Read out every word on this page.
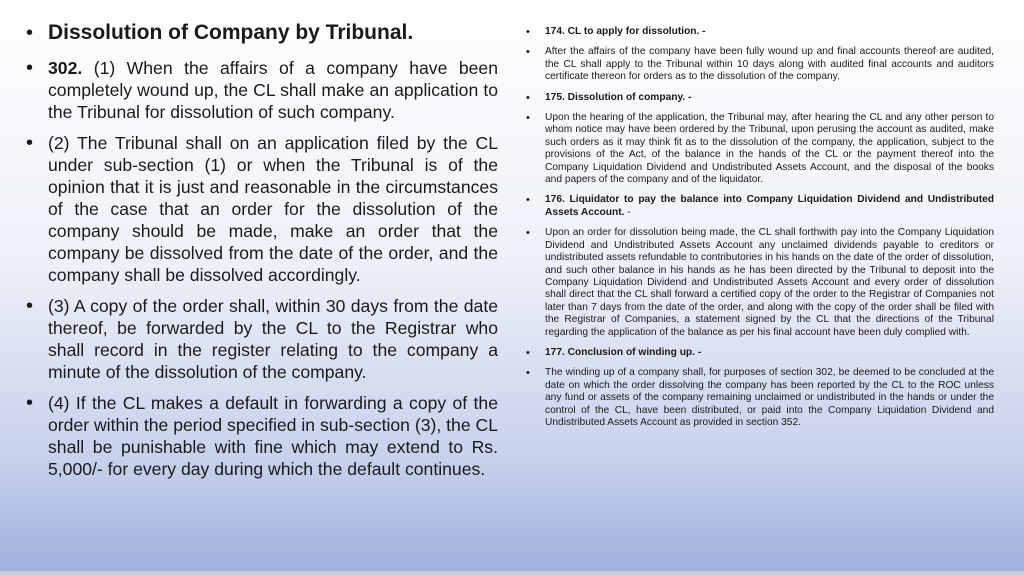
• Dissolution of Company by Tribunal.
• 302. (1) When the affairs of a company have been completely wound up, the CL shall make an application to the Tribunal for dissolution of such company.
• (2) The Tribunal shall on an application filed by the CL under sub-section (1) or when the Tribunal is of the opinion that it is just and reasonable in the circumstances of the case that an order for the dissolution of the company should be made, make an order that the company be dissolved from the date of the order, and the company shall be dissolved accordingly.
• (3) A copy of the order shall, within 30 days from the date thereof, be forwarded by the CL to the Registrar who shall record in the register relating to the company a minute of the dissolution of the company.
• (4) If the CL makes a default in forwarding a copy of the order within the period specified in sub-section (3), the CL shall be punishable with fine which may extend to Rs. 5,000/- for every day during which the default continues.
•	174. CL to apply for dissolution. -
•	After the affairs of the company have been fully wound up and final accounts thereof are audited, the CL shall apply to the Tribunal within 10 days along with audited final accounts and auditors certificate thereon for orders as to the dissolution of the company.
•	175. Dissolution of company. -
•	Upon the hearing of the application, the Tribunal may, after hearing the CL and any other person to whom notice may have been ordered by the Tribunal, upon perusing the account as audited, make such orders as it may think fit as to the dissolution of the company, the application, subject to the provisions of the Act, of the balance in the hands of the CL or the payment thereof into the Company Liquidation Dividend and Undistributed Assets Account, and the disposal of the books and papers of the company and of the liquidator.
•	176. Liquidator to pay the balance into Company Liquidation Dividend and Undistributed Assets Account. -
•	Upon an order for dissolution being made, the CL shall forthwith pay into the Company Liquidation Dividend and Undistributed Assets Account any unclaimed dividends payable to creditors or undistributed assets refundable to contributories in his hands on the date of the order of dissolution, and such other balance in his hands as he has been directed by the Tribunal to deposit into the Company Liquidation Dividend and Undistributed Assets Account and every order of dissolution shall direct that the CL shall forward a certified copy of the order to the Registrar of Companies not later than 7 days from the date of the order, and along with the copy of the order shall be filed with the Registrar of Companies, a statement signed by the CL that the directions of the Tribunal regarding the application of the balance as per his final account have been duly complied with.
•	177. Conclusion of winding up. -
•	The winding up of a company shall, for purposes of section 302, be deemed to be concluded at the date on which the order dissolving the company has been reported by the CL to the ROC unless any fund or assets of the company remaining unclaimed or undistributed in the hands or under the control of the CL, have been distributed, or paid into the Company Liquidation Dividend and Undistributed Assets Account as provided in section 352.
